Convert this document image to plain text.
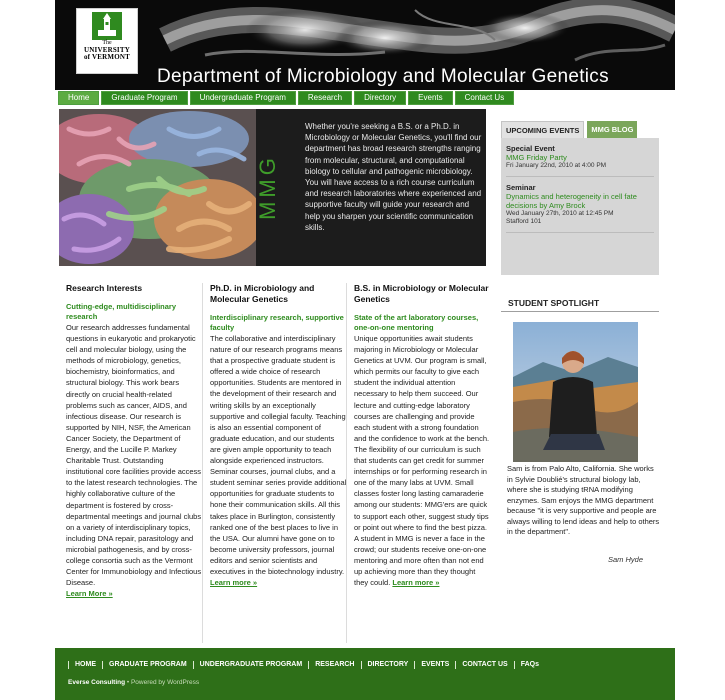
The
UNIVERSITY
of VERMONT
Department of Microbiology and Molecular Genetics
Home	Graduate Program	Undergraduate Program	Research	Directory	Events	Contact Us
MMG
Whether you're seeking a B.S. or a Ph.D. in Microbiology or Molecular Genetics, you'll find our department has broad research strengths ranging from molecular, structural, and computational biology to cellular and pathogenic microbiology. You will have access to a rich course curriculum and research laboratories where experienced and supportive faculty will guide your research and help you sharpen your scientific communication skills.
UPCOMING EVENTS	MMG BLOG
Special Event
MMG Friday Party
Fri January 22nd, 2010 at 4:00 PM
Seminar
Dynamics and heterogeneity in cell fate decisions by Amy Brock
Wed January 27th, 2010 at 12:45 PM
Stafford 101
STUDENT SPOTLIGHT
Sam is from Palo Alto, California. She works in Sylvie Doublié's structural biology lab, where she is studying tRNA modifying enzymes. Sam enjoys the MMG department because "it is very supportive and people are always willing to lend ideas and help to others in the department".
Sam Hyde
Research Interests
Cutting-edge, multidisciplinary research

Our research addresses fundamental questions in eukaryotic and prokaryotic cell and molecular biology, using the methods of microbiology, genetics, biochemistry, bioinformatics, and structural biology. This work bears directly on crucial health-related problems such as cancer, AIDS, and infectious disease. Our research is supported by NIH, NSF, the American Cancer Society, the Department of Energy, and the Lucille P. Markey Charitable Trust. Outstanding institutional core facilities provide access to the latest research technologies. The highly collaborative culture of the department is fostered by cross-departmental meetings and journal clubs on a variety of interdisciplinary topics, including DNA repair, parasitology and microbial pathogenesis, and by cross-college consortia such as the Vermont Center for Immunobiology and Infectious Disease.
Learn More »

Ph.D. in Microbiology and Molecular Genetics
Interdisciplinary research, supportive faculty

The collaborative and interdisciplinary nature of our research programs means that a prospective graduate student is offered a wide choice of research opportunities. Students are mentored in the development of their research and writing skills by an exceptionally supportive and collegial faculty. Teaching is also an essential component of graduate education, and our students are given ample opportunity to teach alongside experienced instructors. Seminar courses, journal clubs, and a student seminar series provide additional opportunities for graduate students to hone their communication skills. All this takes place in Burlington, consistently ranked one of the best places to live in the USA. Our alumni have gone on to become university professors, journal editors and senior scientists and executives in the biotechnology industry.
Learn more »

B.S. in Microbiology or Molecular Genetics
State of the art laboratory courses, one-on-one mentoring

Unique opportunities await students majoring in Microbiology or Molecular Genetics at UVM. Our program is small, which permits our faculty to give each student the individual attention necessary to help them succeed. Our lecture and cutting-edge laboratory courses are challenging and provide each student with a strong foundation and the confidence to work at the bench. The flexibility of our curriculum is such that students can get credit for summer internships or for performing research in one of the many labs at UVM. Small classes foster long lasting camaraderie among our students: MMG'ers are quick to support each other, suggest study tips or point out where to find the best pizza. A student in MMG is never a face in the crowd; our students receive one-on-one mentoring and more often than not end up achieving more than they thought they could. Learn more »

HOME	GRADUATE PROGRAM	UNDERGRADUATE PROGRAM	RESEARCH	DIRECTORY	EVENTS	CONTACT US	FAQs
Everse Consulting • Powered by WordPress
